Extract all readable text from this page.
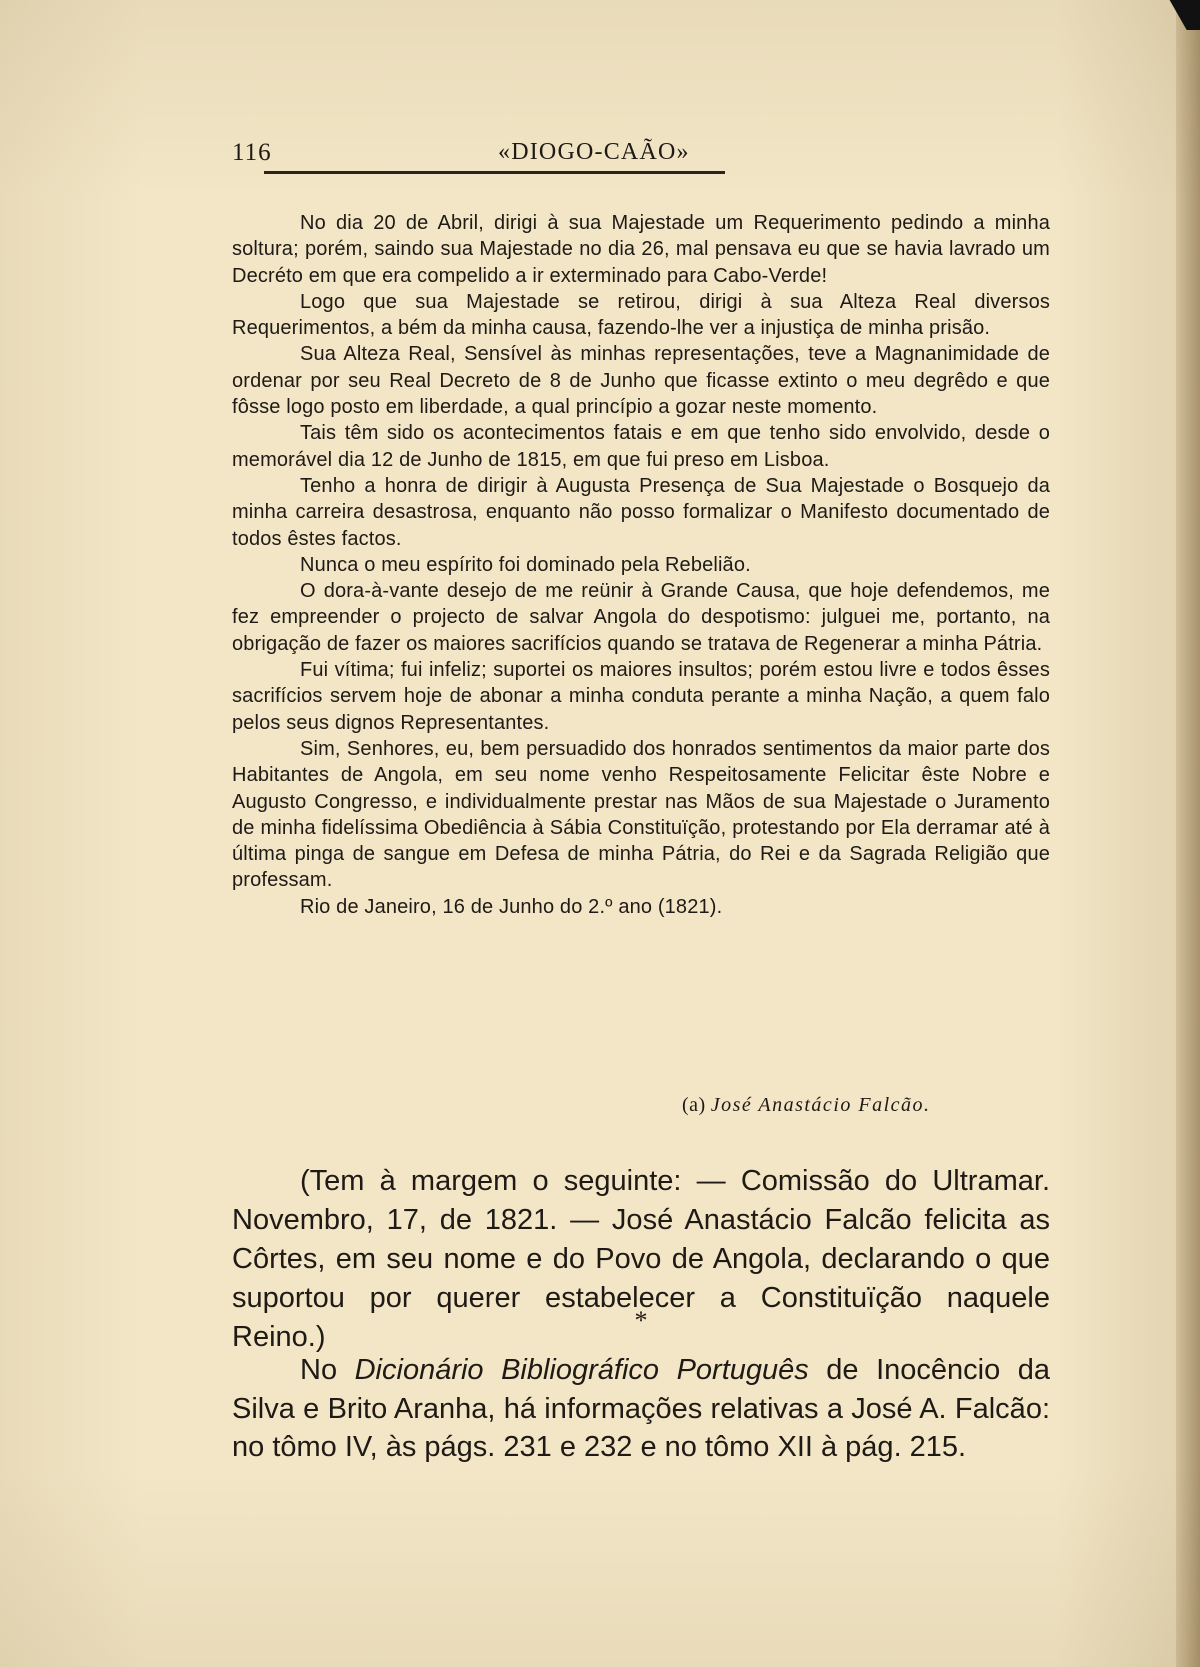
116	«DIOGO-CAÃO»

No dia 20 de Abril, dirigi à sua Majestade um Requerimento pedindo a minha soltura; porém, saindo sua Majestade no dia 26, mal pensava eu que se havia lavrado um Decréto em que era compelido a ir exterminado para Cabo-Verde!

Logo que sua Majestade se retirou, dirigi à sua Alteza Real diversos Requerimentos, a bém da minha causa, fazendo-lhe ver a injustiça de minha prisão.

Sua Alteza Real, Sensível às minhas representações, teve a Magnanimidade de ordenar por seu Real Decreto de 8 de Junho que ficasse extinto o meu degrêdo e que fôsse logo posto em liberdade, a qual princípio a gozar neste momento.

Tais têm sido os acontecimentos fatais e em que tenho sido envolvido, desde o memorável dia 12 de Junho de 1815, em que fui preso em Lisboa.

Tenho a honra de dirigir à Augusta Presença de Sua Majestade o Bosquejo da minha carreira desastrosa, enquanto não posso formalizar o Manifesto documentado de todos êstes factos.

Nunca o meu espírito foi dominado pela Rebelião.

O dora-à-vante desejo de me reünir à Grande Causa, que hoje defendemos, me fez empreender o projecto de salvar Angola do despotismo: julguei me, portanto, na obrigação de fazer os maiores sacrifícios quando se tratava de Regenerar a minha Pátria.

Fui vítima; fui infeliz; suportei os maiores insultos; porém estou livre e todos êsses sacrifícios servem hoje de abonar a minha conduta perante a minha Nação, a quem falo pelos seus dignos Representantes.

Sim, Senhores, eu, bem persuadido dos honrados sentimentos da maior parte dos Habitantes de Angola, em seu nome venho Respeitosamente Felicitar êste Nobre e Augusto Congresso, e individualmente prestar nas Mãos de sua Majestade o Juramento de minha fidelíssima Obediência à Sábia Constituïção, protestando por Ela derramar até à última pinga de sangue em Defesa de minha Pátria, do Rei e da Sagrada Religião que professam.

Rio de Janeiro, 16 de Junho do 2.º ano (1821).

(a) José Anastácio Falcão.
(Tem à margem o seguinte: — Comissão do Ultramar. Novembro, 17, de 1821. — José Anastácio Falcão felicita as Côrtes, em seu nome e do Povo de Angola, declarando o que suportou por querer estabelecer a Constituïção naquele Reino.)
*
No Dicionário Bibliográfico Português de Inocêncio da Silva e Brito Aranha, há informações relativas a José A. Falcão: no tômo IV, às págs. 231 e 232 e no tômo XII à pág. 215.
